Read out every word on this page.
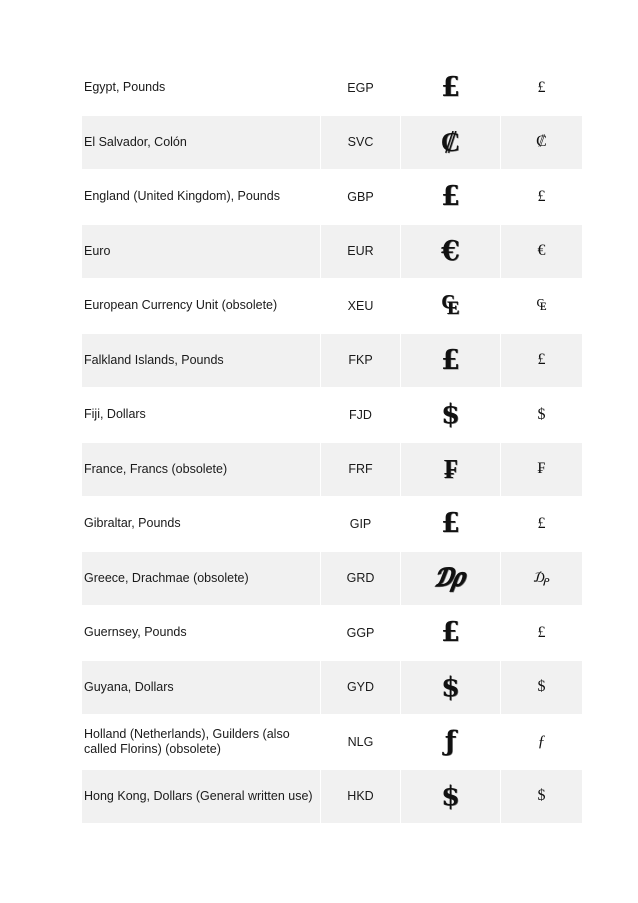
Egypt, Pounds	EGP	£	£
El Salvador, Colón	SVC	₡	₡
England (United Kingdom), Pounds	GBP	£	£
Euro	EUR	€	€
European Currency Unit (obsolete)	XEU	₠	₠
Falkland Islands, Pounds	FKP	£	£
Fiji, Dollars	FJD	$	$
France, Francs (obsolete)	FRF	₣	₣
Gibraltar, Pounds	GIP	£	£
Greece, Drachmae (obsolete)	GRD	₯	₯
Guernsey, Pounds	GGP	£	£
Guyana, Dollars	GYD	$	$
Holland (Netherlands), Guilders (also called Florins) (obsolete)	NLG	ƒ	ƒ
Hong Kong, Dollars (General written use)	HKD	$	$
